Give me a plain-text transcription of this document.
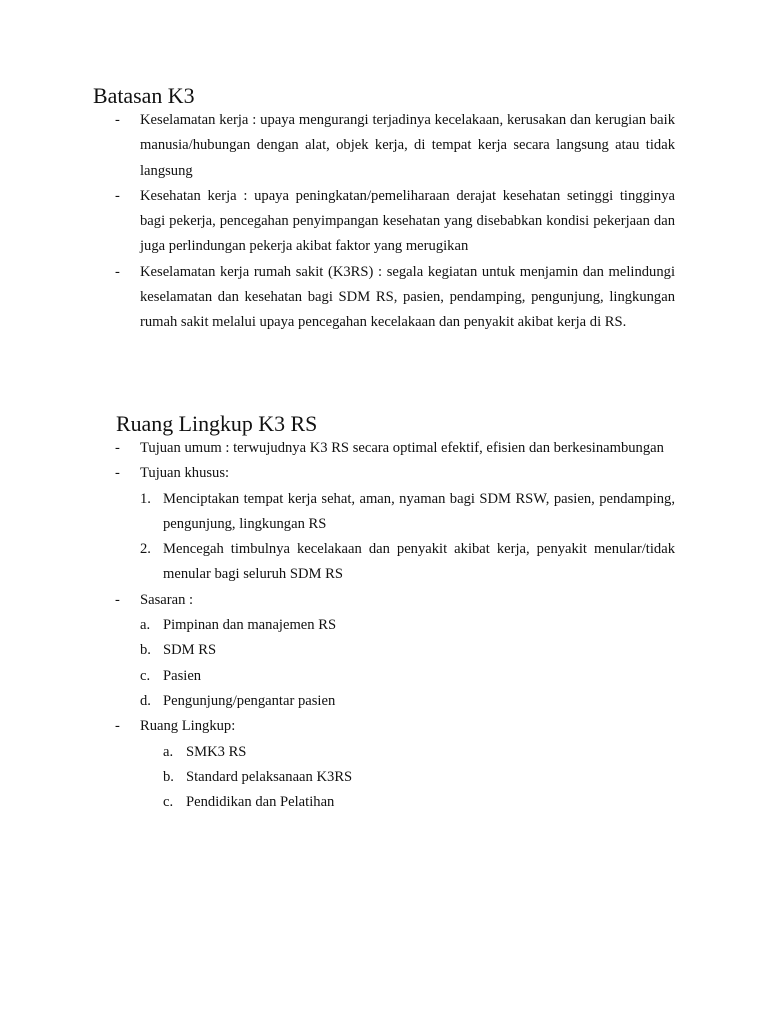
Batasan K3
- Keselamatan kerja : upaya mengurangi terjadinya kecelakaan, kerusakan dan kerugian baik manusia/hubungan dengan alat, objek kerja, di tempat kerja secara langsung atau tidak langsung
- Kesehatan kerja : upaya peningkatan/pemeliharaan derajat kesehatan setinggi tingginya bagi pekerja, pencegahan penyimpangan kesehatan yang disebabkan kondisi pekerjaan dan juga perlindungan pekerja akibat faktor yang merugikan
- Keselamatan kerja rumah sakit (K3RS) : segala kegiatan untuk menjamin dan melindungi keselamatan dan kesehatan bagi SDM RS, pasien, pendamping, pengunjung, lingkungan rumah sakit melalui upaya pencegahan kecelakaan dan penyakit akibat kerja di RS.
Ruang Lingkup K3 RS
- Tujuan umum : terwujudnya K3 RS secara optimal efektif, efisien dan berkesinambungan
- Tujuan khusus:
1. Menciptakan tempat kerja sehat, aman, nyaman bagi SDM RSW, pasien, pendamping, pengunjung, lingkungan RS
2. Mencegah timbulnya kecelakaan dan penyakit akibat kerja, penyakit menular/tidak menular bagi seluruh SDM RS
- Sasaran :
a. Pimpinan dan manajemen RS
b. SDM RS
c. Pasien
d. Pengunjung/pengantar pasien
- Ruang Lingkup:
a. SMK3 RS
b. Standard pelaksanaan K3RS
c. Pendidikan dan Pelatihan
